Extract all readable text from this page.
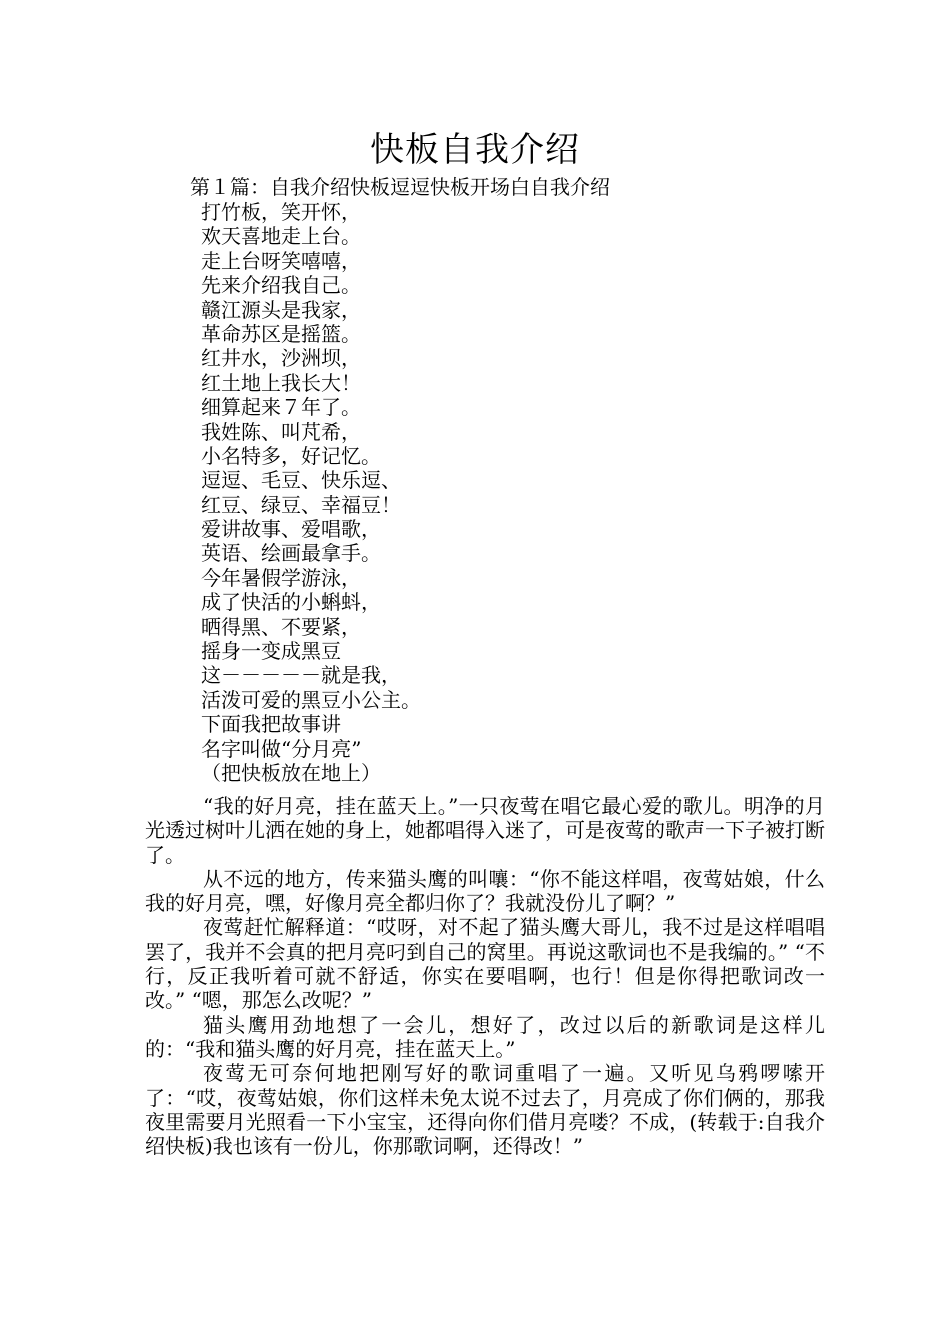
快板自我介绍
第１篇：自我介绍快板逗逗快板开场白自我介绍
打竹板，笑开怀，
欢天喜地走上台。
走上台呀笑嘻嘻，
先来介绍我自己。
赣江源头是我家，
革命苏区是摇篮。
红井水，沙洲坝，
红土地上我长大！
细算起来７年了。
我姓陈、叫芃希，
小名特多，好记忆。
逗逗、毛豆、快乐逗、
红豆、绿豆、幸福豆！
爱讲故事、爱唱歌，
英语、绘画最拿手。
今年暑假学游泳，
成了快活的小蝌蚪，
晒得黑、不要紧，
摇身一变成黑豆
这－－－－－就是我，
活泼可爱的黑豆小公主。
下面我把故事讲
名字叫做“分月亮”
（把快板放在地上）

“我的好月亮，挂在蓝天上。”一只夜莺在唱它最心爱的歌儿。明净的月光透过树叶儿洒在她的身上，她都唱得入迷了，可是夜莺的歌声一下子被打断了。

从不远的地方，传来猫头鹰的叫嚷：“你不能这样唱，夜莺姑娘，什么我的好月亮，嘿，好像月亮全都归你了？我就没份儿了啊？”

夜莺赶忙解释道：“哎呀，对不起了猫头鹰大哥儿，我不过是这样唱唱罢了，我并不会真的把月亮叼到自己的窝里。再说这歌词也不是我编的。” “不行，反正我听着可就不舒适，你实在要唱啊，也行！但是你得把歌词改一改。” “嗯，那怎么改呢？”

猫头鹰用劲地想了一会儿，想好了，改过以后的新歌词是这样儿的：“我和猫头鹰的好月亮，挂在蓝天上。”

夜莺无可奈何地把刚写好的歌词重唱了一遍。又听见乌鸦啰嗦开了：“哎，夜莺姑娘，你们这样未免太说不过去了，月亮成了你们俩的，那我夜里需要月光照看一下小宝宝，还得向你们借月亮喽？不成，(转载于:自我介绍快板)我也该有一份儿，你那歌词啊，还得改！”
